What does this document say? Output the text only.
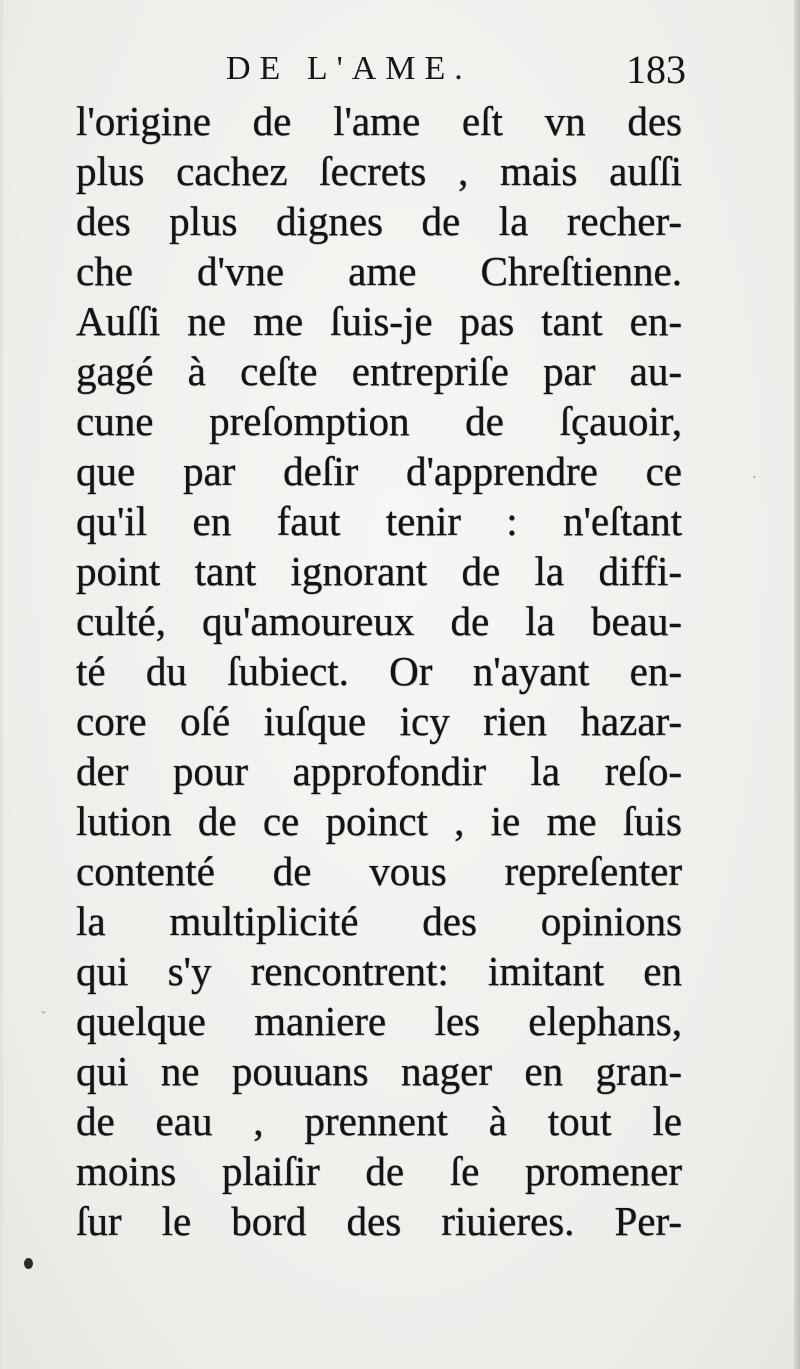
DE L'AME.	183
l'origine de l'ame eſt vn des
plus cachez ſecrets , mais auſſi
des plus dignes de la recher-
che d'vne ame Chreſtienne.
Auſſi ne me ſuis-je pas tant en-
gagé à ceſte entrepriſe par au-
cune preſomption de ſçauoir,
que par deſir d'apprendre ce
qu'il en faut tenir : n'eſtant
point tant ignorant de la diffi-
culté, qu'amoureux de la beau-
té du ſubiect. Or n'ayant en-
core oſé iuſque icy rien hazar-
der pour approfondir la reſo-
lution de ce poinct , ie me ſuis
contenté de vous repreſenter
la multiplicité des opinions
qui s'y rencontrent: imitant en
quelque maniere les elephans,
qui ne pouuans nager en gran-
de eau , prennent à tout le
moins plaiſir de ſe promener
ſur le bord des riuieres. Per-
ˇ
·
